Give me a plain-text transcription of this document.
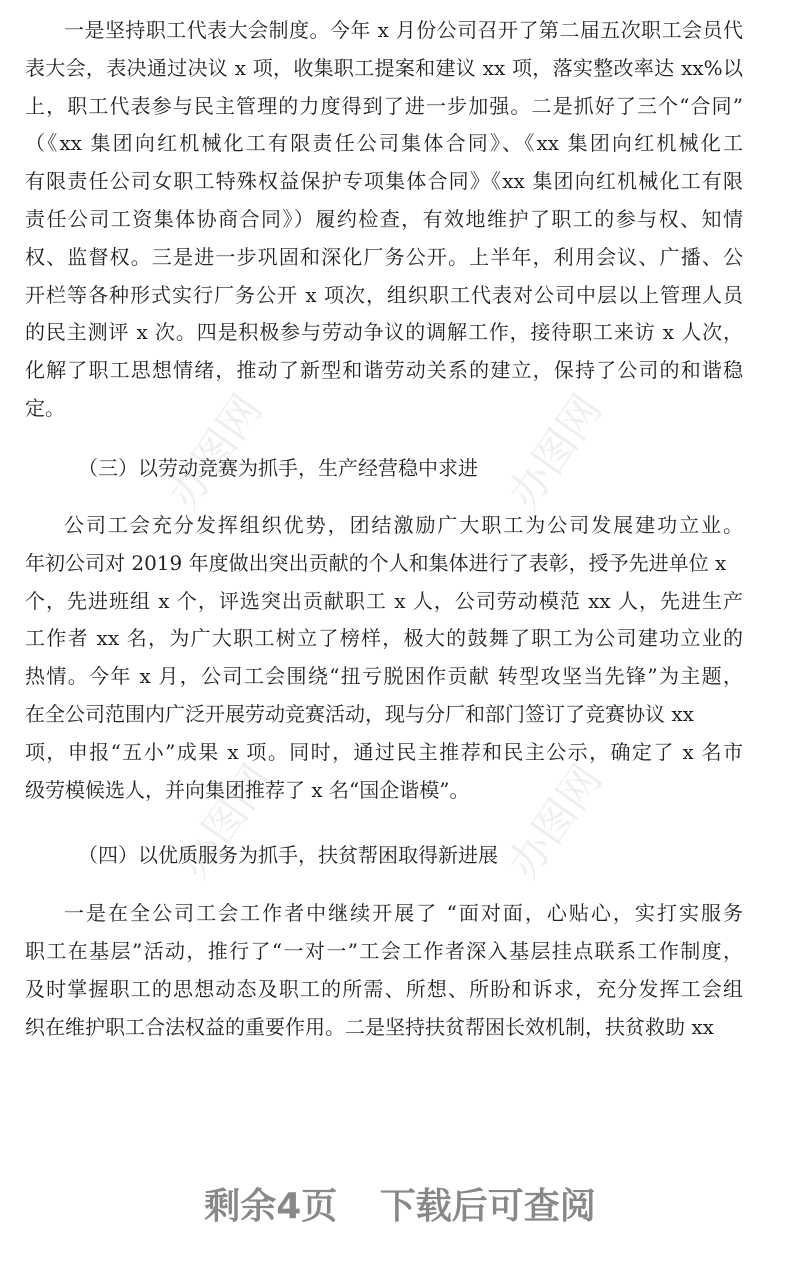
办图网	办图网
办图网	办图网
一是坚持职工代表大会制度。今年 x 月份公司召开了第二届五次职工会员代
表大会，表决通过决议 x 项，收集职工提案和建议 xx 项，落实整改率达 xx%以
上，职工代表参与民主管理的力度得到了进一步加强。二是抓好了三个“合同”
（《xx 集团向红机械化工有限责任公司集体合同》、《xx 集团向红机械化工
有限责任公司女职工特殊权益保护专项集体合同》《xx 集团向红机械化工有限
责任公司工资集体协商合同》）履约检查，有效地维护了职工的参与权、知情
权、监督权。三是进一步巩固和深化厂务公开。上半年，利用会议、广播、公
开栏等各种形式实行厂务公开 x 项次，组织职工代表对公司中层以上管理人员
的民主测评 x 次。四是积极参与劳动争议的调解工作，接待职工来访 x 人次，
化解了职工思想情绪，推动了新型和谐劳动关系的建立，保持了公司的和谐稳
定。
（三）以劳动竞赛为抓手，生产经营稳中求进
公司工会充分发挥组织优势，团结激励广大职工为公司发展建功立业。
年初公司对 2019 年度做出突出贡献的个人和集体进行了表彰，授予先进单位 x
个，先进班组 x 个，评选突出贡献职工 x 人，公司劳动模范 xx 人，先进生产
工作者 xx 名，为广大职工树立了榜样，极大的鼓舞了职工为公司建功立业的
热情。今年 x 月，公司工会围绕“扭亏脱困作贡献 转型攻坚当先锋”为主题，
在全公司范围内广泛开展劳动竞赛活动，现与分厂和部门签订了竞赛协议 xx
项，申报“五小”成果 x 项。同时，通过民主推荐和民主公示，确定了 x 名市
级劳模候选人，并向集团推荐了 x 名“国企谐模”。
（四）以优质服务为抓手，扶贫帮困取得新进展
一是在全公司工会工作者中继续开展了 “面对面，心贴心，实打实服务
职工在基层”活动，推行了“一对一”工会工作者深入基层挂点联系工作制度，
及时掌握职工的思想动态及职工的所需、所想、所盼和诉求，充分发挥工会组
织在维护职工合法权益的重要作用。二是坚持扶贫帮困长效机制，扶贫救助 xx
剩余4页 下载后可查阅
